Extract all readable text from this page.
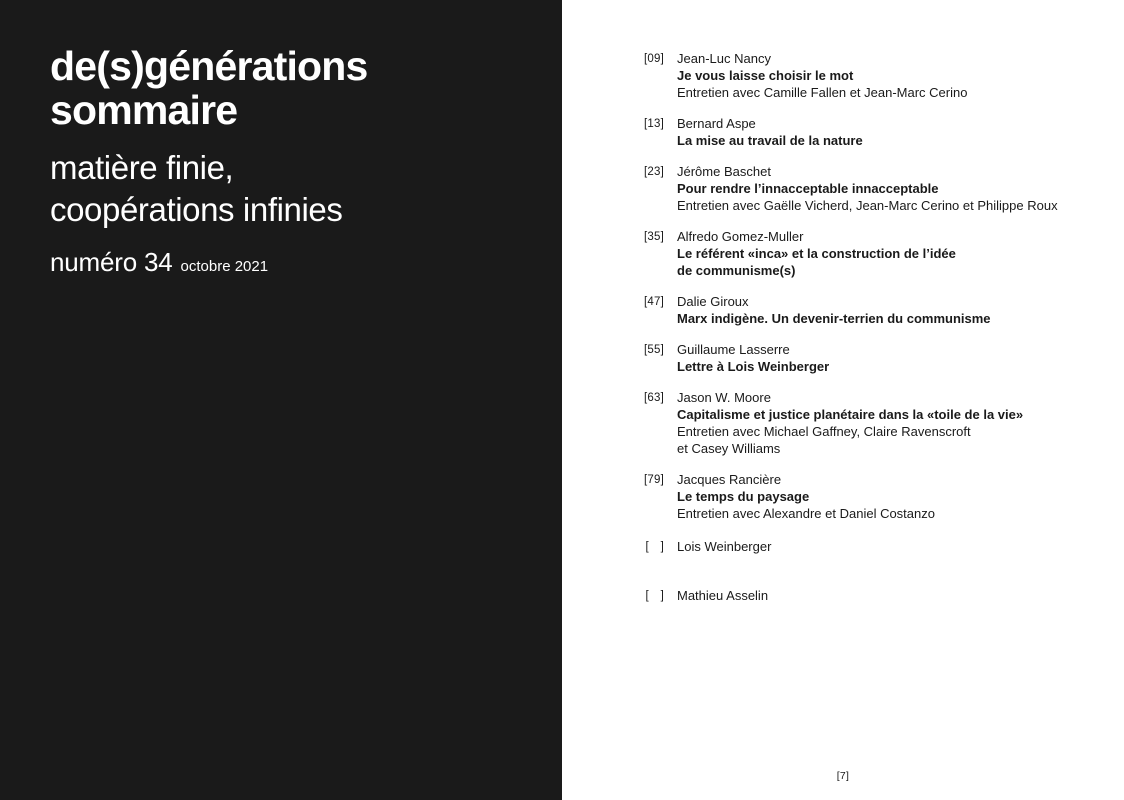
de(s)générations
sommaire

matière finie,

coopérations infinies

numéro 34 octobre 2021
[09] Jean-Luc Nancy
Je vous laisse choisir le mot
Entretien avec Camille Fallen et Jean-Marc Cerino
[13] Bernard Aspe
La mise au travail de la nature
[23] Jérôme Baschet
Pour rendre l’innacceptable innacceptable
Entretien avec Gaëlle Vicherd, Jean-Marc Cerino et Philippe Roux
[35] Alfredo Gomez-Muller
Le référent «inca» et la construction de l’idée
de communisme(s)
[47] Dalie Giroux
Marx indigène. Un devenir-terrien du communisme
[55] Guillaume Lasserre
Lettre à Lois Weinberger
[63] Jason W. Moore
Capitalisme et justice planétaire dans la «toile de la vie»
Entretien avec Michael Gaffney, Claire Ravenscroft
et Casey Williams
[79] Jacques Rancière
Le temps du paysage
Entretien avec Alexandre et Daniel Costanzo
[　] Lois Weinberger
[　] Mathieu Asselin
[7]
